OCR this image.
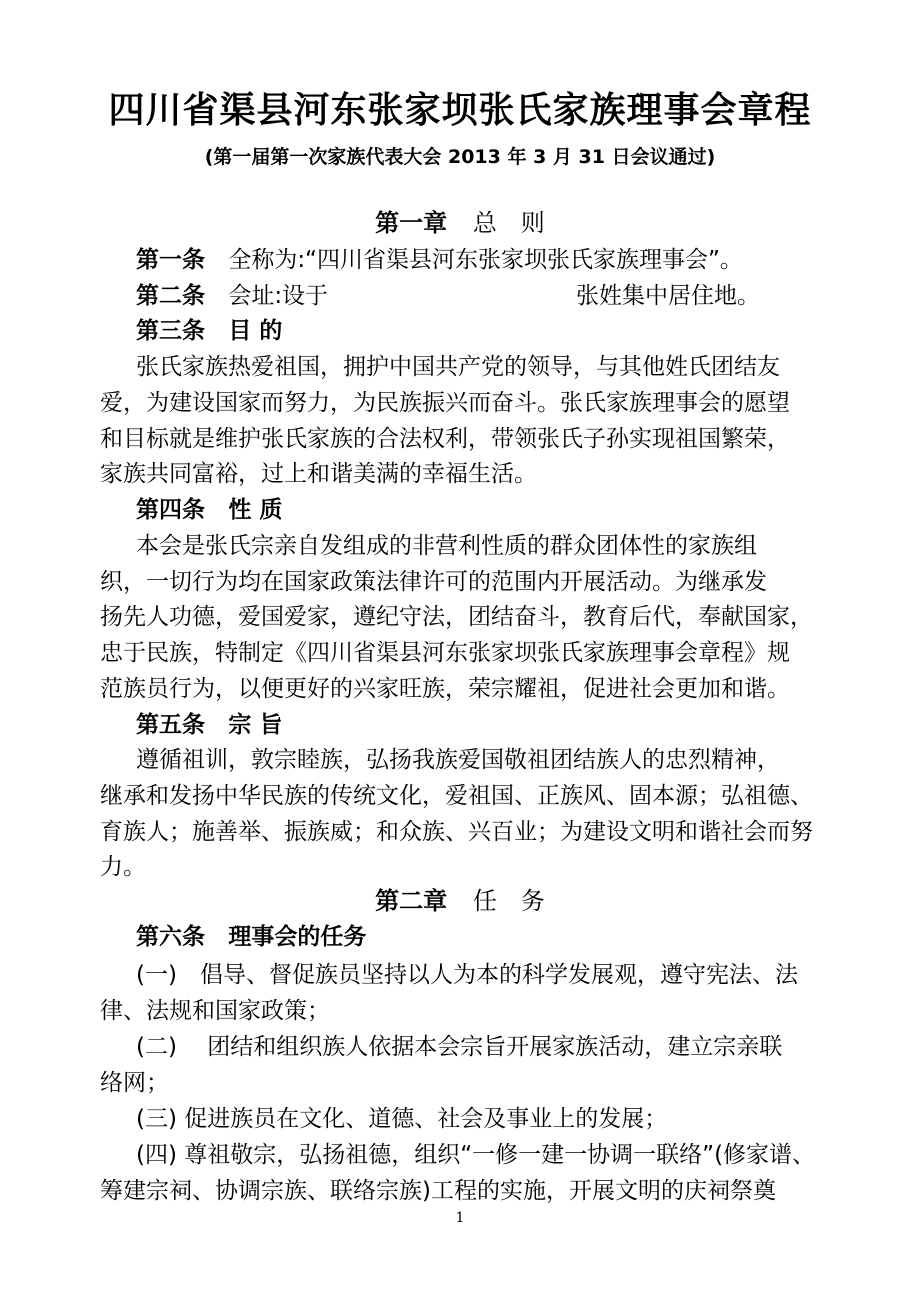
四川省渠县河东张家坝张氏家族理事会章程
(第一届第一次家族代表大会 2013 年 3 月 31 日会议通过)
第一章 总　则
第一条 全称为:“四川省渠县河东张家坝张氏家族理事会”。
第二条 会址:设于	张姓集中居住地。
第三条 目 的
张氏家族热爱祖国，拥护中国共产党的领导，与其他姓氏团结友
爱，为建设国家而努力，为民族振兴而奋斗。张氏家族理事会的愿望
和目标就是维护张氏家族的合法权利，带领张氏子孙实现祖国繁荣，
家族共同富裕，过上和谐美满的幸福生活。
第四条 性 质
本会是张氏宗亲自发组成的非营利性质的群众团体性的家族组
织，一切行为均在国家政策法律许可的范围内开展活动。为继承发
扬先人功德，爱国爱家，遵纪守法，团结奋斗，教育后代，奉献国家，
忠于民族，特制定《四川省渠县河东张家坝张氏家族理事会章程》规
范族员行为，以便更好的兴家旺族，荣宗耀祖，促进社会更加和谐。
第五条 宗 旨
遵循祖训，敦宗睦族，弘扬我族爱国敬祖团结族人的忠烈精神，
继承和发扬中华民族的传统文化，爱祖国、正族风、固本源；弘祖德、
育族人；施善举、振族威；和众族、兴百业；为建设文明和谐社会而努
力。
第二章 任　务
第六条 理事会的任务
(一)　倡导、督促族员坚持以人为本的科学发展观，遵守宪法、法
律、法规和国家政策；
(二)　 团结和组织族人依据本会宗旨开展家族活动，建立宗亲联
络网；
(三) 促进族员在文化、道德、社会及事业上的发展；
(四) 尊祖敬宗，弘扬祖德，组织“一修一建一协调一联络”(修家谱、
筹建宗祠、协调宗族、联络宗族)工程的实施，开展文明的庆祠祭奠
1
